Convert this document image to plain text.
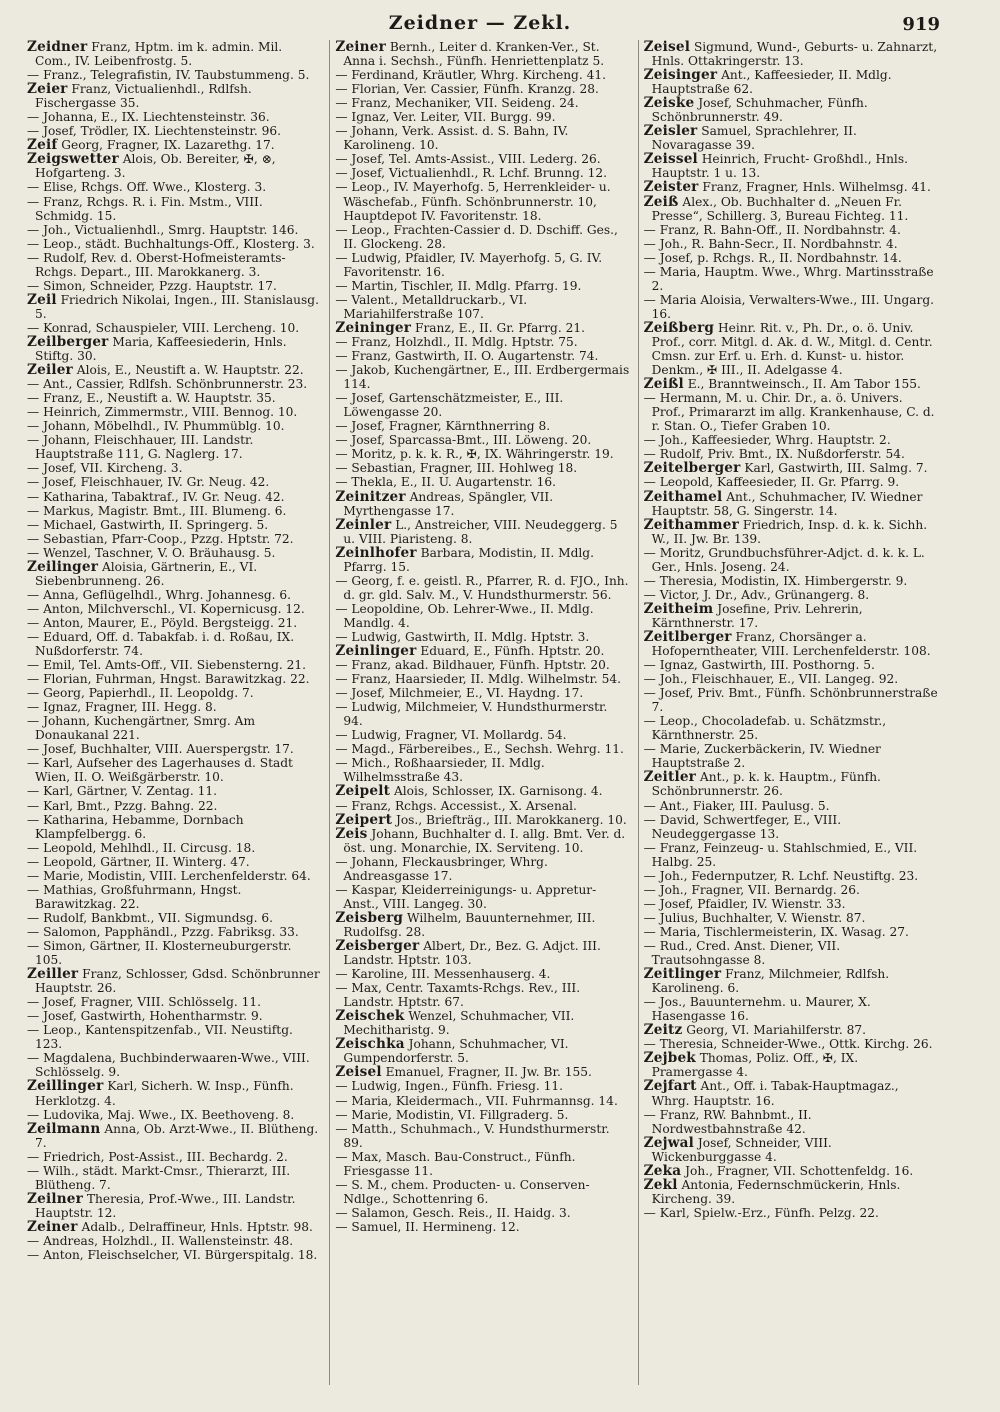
Zeidner — Zekl.	919

Zeidner Franz, Hptm. im k. admin. Mil. Com., IV. Leibenfrostg. 5.

— Franz., Telegrafistin, IV. Taubstummeng. 5.

Zeier Franz, Victualienhdl., Rdlfsh. Fischergasse 35.

— Johanna, E., IX. Liechtensteinstr. 36.

— Josef, Trödler, IX. Liechtensteinstr. 96.

Zeif Georg, Fragner, IX. Lazarethg. 17.

Zeigswetter Alois, Ob. Bereiter, ✠, ⊗, Hofgarteng. 3.

— Elise, Rchgs. Off. Wwe., Klosterg. 3.

— Franz, Rchgs. R. i. Fin. Mstm., VIII. Schmidg. 15.

— Joh., Victualienhdl., Smrg. Hauptstr. 146.

— Leop., städt. Buchhaltungs-Off., Klosterg. 3.

— Rudolf, Rev. d. Oberst-Hofmeisteramts-Rchgs. Depart., III. Marokkanerg. 3.

— Simon, Schneider, Pzzg. Hauptstr. 17.

Zeil Friedrich Nikolai, Ingen., III. Stanislausg. 5.

— Konrad, Schauspieler, VIII. Lercheng. 10.

Zeilberger Maria, Kaffeesiederin, Hnls. Stiftg. 30.

Zeiler Alois, E., Neustift a. W. Hauptstr. 22.

— Ant., Cassier, Rdlfsh. Schönbrunnerstr. 23.

— Franz, E., Neustift a. W. Hauptstr. 35.

— Heinrich, Zimmermstr., VIII. Bennog. 10.

— Johann, Möbelhdl., IV. Phummüblg. 10.

— Johann, Fleischhauer, III. Landstr. Hauptstraße 111, G. Naglerg. 17.

— Josef, VII. Kircheng. 3.

— Josef, Fleischhauer, IV. Gr. Neug. 42.

— Katharina, Tabaktraf., IV. Gr. Neug. 42.

— Markus, Magistr. Bmt., III. Blumeng. 6.

— Michael, Gastwirth, II. Springerg. 5.

— Sebastian, Pfarr-Coop., Pzzg. Hptstr. 72.

— Wenzel, Taschner, V. O. Bräuhausg. 5.

Zeilinger Aloisia, Gärtnerin, E., VI. Siebenbrunneng. 26.

— Anna, Geflügelhdl., Whrg. Johannesg. 6.

— Anton, Milchverschl., VI. Kopernicusg. 12.

— Anton, Maurer, E., Pöyld. Bergsteigg. 21.

— Eduard, Off. d. Tabakfab. i. d. Roßau, IX. Nußdorferstr. 74.

— Emil, Tel. Amts-Off., VII. Siebensterng. 21.

— Florian, Fuhrman, Hngst. Barawitzkag. 22.

— Georg, Papierhdl., II. Leopoldg. 7.

— Ignaz, Fragner, III. Hegg. 8.

— Johann, Kuchengärtner, Smrg. Am Donaukanal 221.

— Josef, Buchhalter, VIII. Auerspergstr. 17.

— Karl, Aufseher des Lagerhauses d. Stadt Wien, II. O. Weißgärberstr. 10.

— Karl, Gärtner, V. Zentag. 11.

— Karl, Bmt., Pzzg. Bahng. 22.

— Katharina, Hebamme, Dornbach Klampfelbergg. 6.

— Leopold, Mehlhdl., II. Circusg. 18.

— Leopold, Gärtner, II. Winterg. 47.

— Marie, Modistin, VIII. Lerchenfelderstr. 64.

— Mathias, Großfuhrmann, Hngst. Barawitzkag. 22.

— Rudolf, Bankbmt., VII. Sigmundsg. 6.

— Salomon, Papphändl., Pzzg. Fabriksg. 33.

— Simon, Gärtner, II. Klosterneuburgerstr. 105.

Zeiller Franz, Schlosser, Gdsd. Schönbrunner Hauptstr. 26.

— Josef, Fragner, VIII. Schlösselg. 11.

— Josef, Gastwirth, Hohentharmstr. 9.

— Leop., Kantenspitzenfab., VII. Neustiftg. 123.

— Magdalena, Buchbinderwaaren-Wwe., VIII. Schlösselg. 9.

Zeillinger Karl, Sicherh. W. Insp., Fünfh. Herklotzg. 4.

— Ludovika, Maj. Wwe., IX. Beethoveng. 8.

Zeilmann Anna, Ob. Arzt-Wwe., II. Blütheng. 7.

— Friedrich, Post-Assist., III. Bechardg. 2.

— Wilh., städt. Markt-Cmsr., Thierarzt, III. Blütheng. 7.

Zeilner Theresia, Prof.-Wwe., III. Landstr. Hauptstr. 12.

Zeiner Adalb., Delraffineur, Hnls. Hptstr. 98.

— Andreas, Holzhdl., II. Wallensteinstr. 48.

— Anton, Fleischselcher, VI. Bürgerspitalg. 18.

Zeiner Bernh., Leiter d. Kranken-Ver., St. Anna i. Sechsh., Fünfh. Henriettenplatz 5.

— Ferdinand, Kräutler, Whrg. Kircheng. 41.

— Florian, Ver. Cassier, Fünfh. Kranzg. 28.

— Franz, Mechaniker, VII. Seideng. 24.

— Ignaz, Ver. Leiter, VII. Burgg. 99.

— Johann, Verk. Assist. d. S. Bahn, IV. Karolineng. 10.

— Josef, Tel. Amts-Assist., VIII. Lederg. 26.

— Josef, Victualienhdl., R. Lchf. Brunng. 12.

— Leop., IV. Mayerhofg. 5, Herrenkleider- u. Wäschefab., Fünfh. Schönbrunnerstr. 10, Hauptdepot IV. Favoritenstr. 18.

— Leop., Frachten-Cassier d. D. Dschiff. Ges., II. Glockeng. 28.

— Ludwig, Pfaidler, IV. Mayerhofg. 5, G. IV. Favoritenstr. 16.

— Martin, Tischler, II. Mdlg. Pfarrg. 19.

— Valent., Metalldruckarb., VI. Mariahilferstraße 107.

Zeininger Franz, E., II. Gr. Pfarrg. 21.

— Franz, Holzhdl., II. Mdlg. Hptstr. 75.

— Franz, Gastwirth, II. O. Augartenstr. 74.

— Jakob, Kuchengärtner, E., III. Erdbergermais 114.

— Josef, Gartenschätzmeister, E., III. Löwengasse 20.

— Josef, Fragner, Kärnthnerring 8.

— Josef, Sparcassa-Bmt., III. Löweng. 20.

— Moritz, p. k. k. R., ✠, IX. Währingerstr. 19.

— Sebastian, Fragner, III. Hohlweg 18.

— Thekla, E., II. U. Augartenstr. 16.

Zeinitzer Andreas, Spängler, VII. Myrthengasse 17.

Zeinler L., Anstreicher, VIII. Neudeggerg. 5 u. VIII. Piaristeng. 8.

Zeinlhofer Barbara, Modistin, II. Mdlg. Pfarrg. 15.

— Georg, f. e. geistl. R., Pfarrer, R. d. FJO., Inh. d. gr. gld. Salv. M., V. Hundsthurmerstr. 56.

— Leopoldine, Ob. Lehrer-Wwe., II. Mdlg. Mandlg. 4.

— Ludwig, Gastwirth, II. Mdlg. Hptstr. 3.

Zeinlinger Eduard, E., Fünfh. Hptstr. 20.

— Franz, akad. Bildhauer, Fünfh. Hptstr. 20.

— Franz, Haarsieder, II. Mdlg. Wilhelmstr. 54.

— Josef, Milchmeier, E., VI. Haydng. 17.

— Ludwig, Milchmeier, V. Hundsthurmerstr. 94.

— Ludwig, Fragner, VI. Mollardg. 54.

— Magd., Färbereibes., E., Sechsh. Wehrg. 11.

— Mich., Roßhaarsieder, II. Mdlg. Wilhelmsstraße 43.

Zeipelt Alois, Schlosser, IX. Garnisong. 4.

— Franz, Rchgs. Accessist., X. Arsenal.

Zeipert Jos., Briefträg., III. Marokkanerg. 10.

Zeis Johann, Buchhalter d. I. allg. Bmt. Ver. d. öst. ung. Monarchie, IX. Serviteng. 10.

— Johann, Fleckausbringer, Whrg. Andreasgasse 17.

— Kaspar, Kleiderreinigungs- u. Appretur-Anst., VIII. Langeg. 30.

Zeisberg Wilhelm, Bauunternehmer, III. Rudolfsg. 28.

Zeisberger Albert, Dr., Bez. G. Adjct. III. Landstr. Hptstr. 103.

— Karoline, III. Messenhauserg. 4.

— Max, Centr. Taxamts-Rchgs. Rev., III. Landstr. Hptstr. 67.

Zeischek Wenzel, Schuhmacher, VII. Mechitharistg. 9.

Zeischka Johann, Schuhmacher, VI. Gumpendorferstr. 5.

Zeisel Emanuel, Fragner, II. Jw. Br. 155.

— Ludwig, Ingen., Fünfh. Friesg. 11.

— Maria, Kleidermach., VII. Fuhrmannsg. 14.

— Marie, Modistin, VI. Fillgraderg. 5.

— Matth., Schuhmach., V. Hundsthurmerstr. 89.

— Max, Masch. Bau-Construct., Fünfh. Friesgasse 11.

— S. M., chem. Producten- u. Conserven-Ndlge., Schottenring 6.

— Salamon, Gesch. Reis., II. Haidg. 3.

— Samuel, II. Hermineng. 12.

Zeisel Sigmund, Wund-, Geburts- u. Zahnarzt, Hnls. Ottakringerstr. 13.

Zeisinger Ant., Kaffeesieder, II. Mdlg. Hauptstraße 62.

Zeiske Josef, Schuhmacher, Fünfh. Schönbrunnerstr. 49.

Zeisler Samuel, Sprachlehrer, II. Novaragasse 39.

Zeissel Heinrich, Frucht- Großhdl., Hnls. Hauptstr. 1 u. 13.

Zeister Franz, Fragner, Hnls. Wilhelmsg. 41.

Zeiß Alex., Ob. Buchhalter d. „Neuen Fr. Presse“, Schillerg. 3, Bureau Fichteg. 11.

— Franz, R. Bahn-Off., II. Nordbahnstr. 4.

— Joh., R. Bahn-Secr., II. Nordbahnstr. 4.

— Josef, p. Rchgs. R., II. Nordbahnstr. 14.

— Maria, Hauptm. Wwe., Whrg. Martinsstraße 2.

— Maria Aloisia, Verwalters-Wwe., III. Ungarg. 16.

Zeißberg Heinr. Rit. v., Ph. Dr., o. ö. Univ. Prof., corr. Mitgl. d. Ak. d. W., Mitgl. d. Centr. Cmsn. zur Erf. u. Erh. d. Kunst- u. histor. Denkm., ✠ III., II. Adelgasse 4.

Zeißl E., Branntweinsch., II. Am Tabor 155.

— Hermann, M. u. Chir. Dr., a. ö. Univers. Prof., Primararzt im allg. Krankenhause, C. d. r. Stan. O., Tiefer Graben 10.

— Joh., Kaffeesieder, Whrg. Hauptstr. 2.

— Rudolf, Priv. Bmt., IX. Nußdorferstr. 54.

Zeitelberger Karl, Gastwirth, III. Salmg. 7.

— Leopold, Kaffeesieder, II. Gr. Pfarrg. 9.

Zeithamel Ant., Schuhmacher, IV. Wiedner Hauptstr. 58, G. Singerstr. 14.

Zeithammer Friedrich, Insp. d. k. k. Sichh. W., II. Jw. Br. 139.

— Moritz, Grundbuchsführer-Adjct. d. k. k. L. Ger., Hnls. Joseng. 24.

— Theresia, Modistin, IX. Himbergerstr. 9.

— Victor, J. Dr., Adv., Grünangerg. 8.

Zeitheim Josefine, Priv. Lehrerin, Kärnthnerstr. 17.

Zeitlberger Franz, Chorsänger a. Hofoperntheater, VIII. Lerchenfelderstr. 108.

— Ignaz, Gastwirth, III. Posthorng. 5.

— Joh., Fleischhauer, E., VII. Langeg. 92.

— Josef, Priv. Bmt., Fünfh. Schönbrunnerstraße 7.

— Leop., Chocoladefab. u. Schätzmstr., Kärnthnerstr. 25.

— Marie, Zuckerbäckerin, IV. Wiedner Hauptstraße 2.

Zeitler Ant., p. k. k. Hauptm., Fünfh. Schönbrunnerstr. 26.

— Ant., Fiaker, III. Paulusg. 5.

— David, Schwertfeger, E., VIII. Neudeggergasse 13.

— Franz, Feinzeug- u. Stahlschmied, E., VII. Halbg. 25.

— Joh., Federnputzer, R. Lchf. Neustiftg. 23.

— Joh., Fragner, VII. Bernardg. 26.

— Josef, Pfaidler, IV. Wienstr. 33.

— Julius, Buchhalter, V. Wienstr. 87.

— Maria, Tischlermeisterin, IX. Wasag. 27.

— Rud., Cred. Anst. Diener, VII. Trautsohngasse 8.

Zeitlinger Franz, Milchmeier, Rdlfsh. Karolineng. 6.

— Jos., Bauunternehm. u. Maurer, X. Hasengasse 16.

Zeitz Georg, VI. Mariahilferstr. 87.

— Theresia, Schneider-Wwe., Ottk. Kirchg. 26.

Zejbek Thomas, Poliz. Off., ✠, IX. Pramergasse 4.

Zejfart Ant., Off. i. Tabak-Hauptmagaz., Whrg. Hauptstr. 16.

— Franz, RW. Bahnbmt., II. Nordwestbahnstraße 42.

Zejwal Josef, Schneider, VIII. Wickenburggasse 4.

Zeka Joh., Fragner, VII. Schottenfeldg. 16.

Zekl Antonia, Federnschmückerin, Hnls. Kircheng. 39.

— Karl, Spielw.-Erz., Fünfh. Pelzg. 22.
